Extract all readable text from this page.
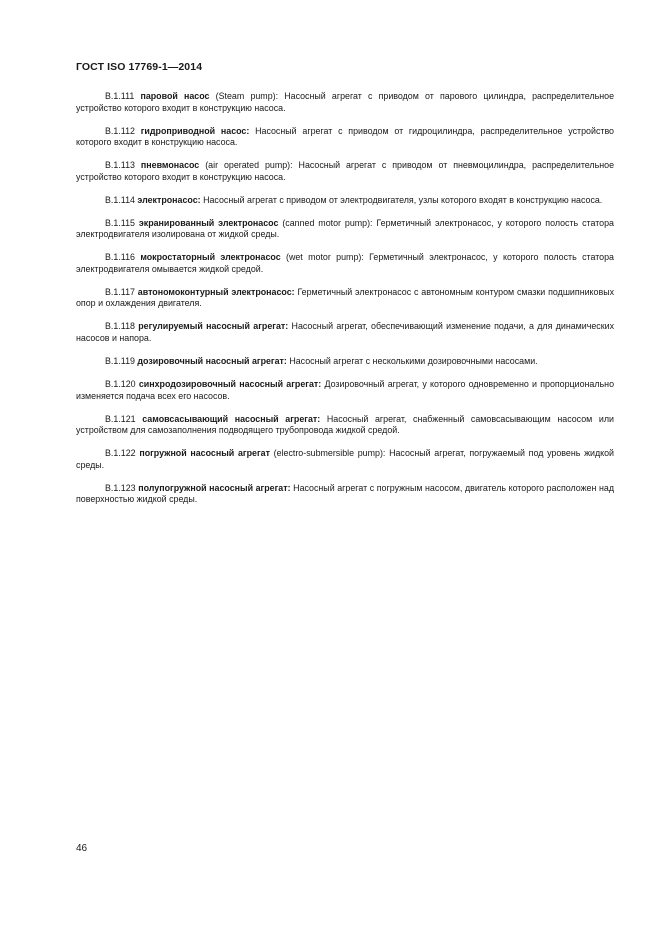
ГОСТ ISO 17769-1—2014

В.1.111 паровой насос (Steam pump): Насосный агрегат с приводом от парового цилиндра, распределительное устройство которого входит в конструкцию насоса.

В.1.112 гидроприводной насос: Насосный агрегат с приводом от гидроцилиндра, распределительное устройство которого входит в конструкцию насоса.

В.1.113 пневмонасос (air operated pump): Насосный агрегат с приводом от пневмоцилиндра, распределительное устройство которого входит в конструкцию насоса.

В.1.114 электронасос: Насосный агрегат с приводом от электродвигателя, узлы которого входят в конструкцию насоса.

В.1.115 экранированный электронасос (canned motor pump): Герметичный электронасос, у которого полость статора электродвигателя изолирована от жидкой среды.

В.1.116 мокростаторный электронасос (wet motor pump): Герметичный электронасос, у которого полость статора электродвигателя омывается жидкой средой.

В.1.117 автономоконтурный электронасос: Герметичный электронасос с автономным контуром смазки подшипниковых опор и охлаждения двигателя.

В.1.118 регулируемый насосный агрегат: Насосный агрегат, обеспечивающий изменение подачи, а для динамических насосов и напора.

В.1.119 дозировочный насосный агрегат: Насосный агрегат с несколькими дозировочными насосами.

В.1.120 синхродозировочный насосный агрегат: Дозировочный агрегат, у которого одновременно и пропорционально изменяется подача всех его насосов.

В.1.121 самовсасывающий насосный агрегат: Насосный агрегат, снабженный самовсасывающим насосом или устройством для самозаполнения подводящего трубопровода жидкой средой.

В.1.122 погружной насосный агрегат (electro-submersible pump): Насосный агрегат, погружаемый под уровень жидкой среды.

В.1.123 полупогружной насосный агрегат: Насосный агрегат с погружным насосом, двигатель которого расположен над поверхностью жидкой среды.

46
